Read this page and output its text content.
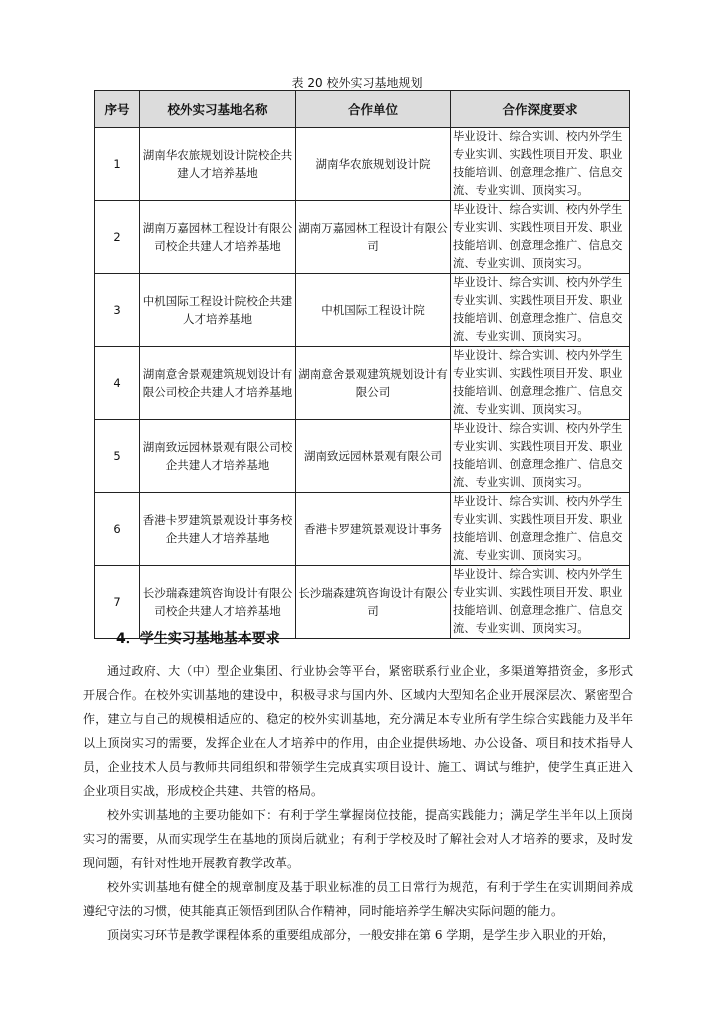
表 20 校外实习基地规划
序号	校外实习基地名称	合作单位	合作深度要求
1	湖南华农旅规划设计院校企共建人才培养基地	湖南华农旅规划设计院	毕业设计、综合实训、校内外学生专业实训、实践性项目开发、职业技能培训、创意理念推广、信息交流、专业实训、顶岗实习。
2	湖南万嘉园林工程设计有限公司校企共建人才培养基地	湖南万嘉园林工程设计有限公司	毕业设计、综合实训、校内外学生专业实训、实践性项目开发、职业技能培训、创意理念推广、信息交流、专业实训、顶岗实习。
3	中机国际工程设计院校企共建人才培养基地	中机国际工程设计院	毕业设计、综合实训、校内外学生专业实训、实践性项目开发、职业技能培训、创意理念推广、信息交流、专业实训、顶岗实习。
4	湖南意舍景观建筑规划设计有限公司校企共建人才培养基地	湖南意舍景观建筑规划设计有限公司	毕业设计、综合实训、校内外学生专业实训、实践性项目开发、职业技能培训、创意理念推广、信息交流、专业实训、顶岗实习。
5	湖南致远园林景观有限公司校企共建人才培养基地	湖南致远园林景观有限公司	毕业设计、综合实训、校内外学生专业实训、实践性项目开发、职业技能培训、创意理念推广、信息交流、专业实训、顶岗实习。
6	香港卡罗建筑景观设计事务校企共建人才培养基地	香港卡罗建筑景观设计事务	毕业设计、综合实训、校内外学生专业实训、实践性项目开发、职业技能培训、创意理念推广、信息交流、专业实训、顶岗实习。
7	长沙瑞森建筑咨询设计有限公司校企共建人才培养基地	长沙瑞森建筑咨询设计有限公司	毕业设计、综合实训、校内外学生专业实训、实践性项目开发、职业技能培训、创意理念推广、信息交流、专业实训、顶岗实习。
4．学生实习基地基本要求

通过政府、大（中）型企业集团、行业协会等平台，紧密联系行业企业，多渠道筹措资金，多形式开展合作。在校外实训基地的建设中，积极寻求与国内外、区域内大型知名企业开展深层次、紧密型合作，建立与自己的规模相适应的、稳定的校外实训基地，充分满足本专业所有学生综合实践能力及半年以上顶岗实习的需要，发挥企业在人才培养中的作用，由企业提供场地、办公设备、项目和技术指导人员，企业技术人员与教师共同组织和带领学生完成真实项目设计、施工、调试与维护，使学生真正进入企业项目实战，形成校企共建、共管的格局。

校外实训基地的主要功能如下：有利于学生掌握岗位技能，提高实践能力；满足学生半年以上顶岗实习的需要，从而实现学生在基地的顶岗后就业；有利于学校及时了解社会对人才培养的要求，及时发现问题，有针对性地开展教育教学改革。

校外实训基地有健全的规章制度及基于职业标准的员工日常行为规范，有利于学生在实训期间养成遵纪守法的习惯，使其能真正领悟到团队合作精神，同时能培养学生解决实际问题的能力。

顶岗实习环节是教学课程体系的重要组成部分，一般安排在第 6 学期，是学生步入职业的开始，
